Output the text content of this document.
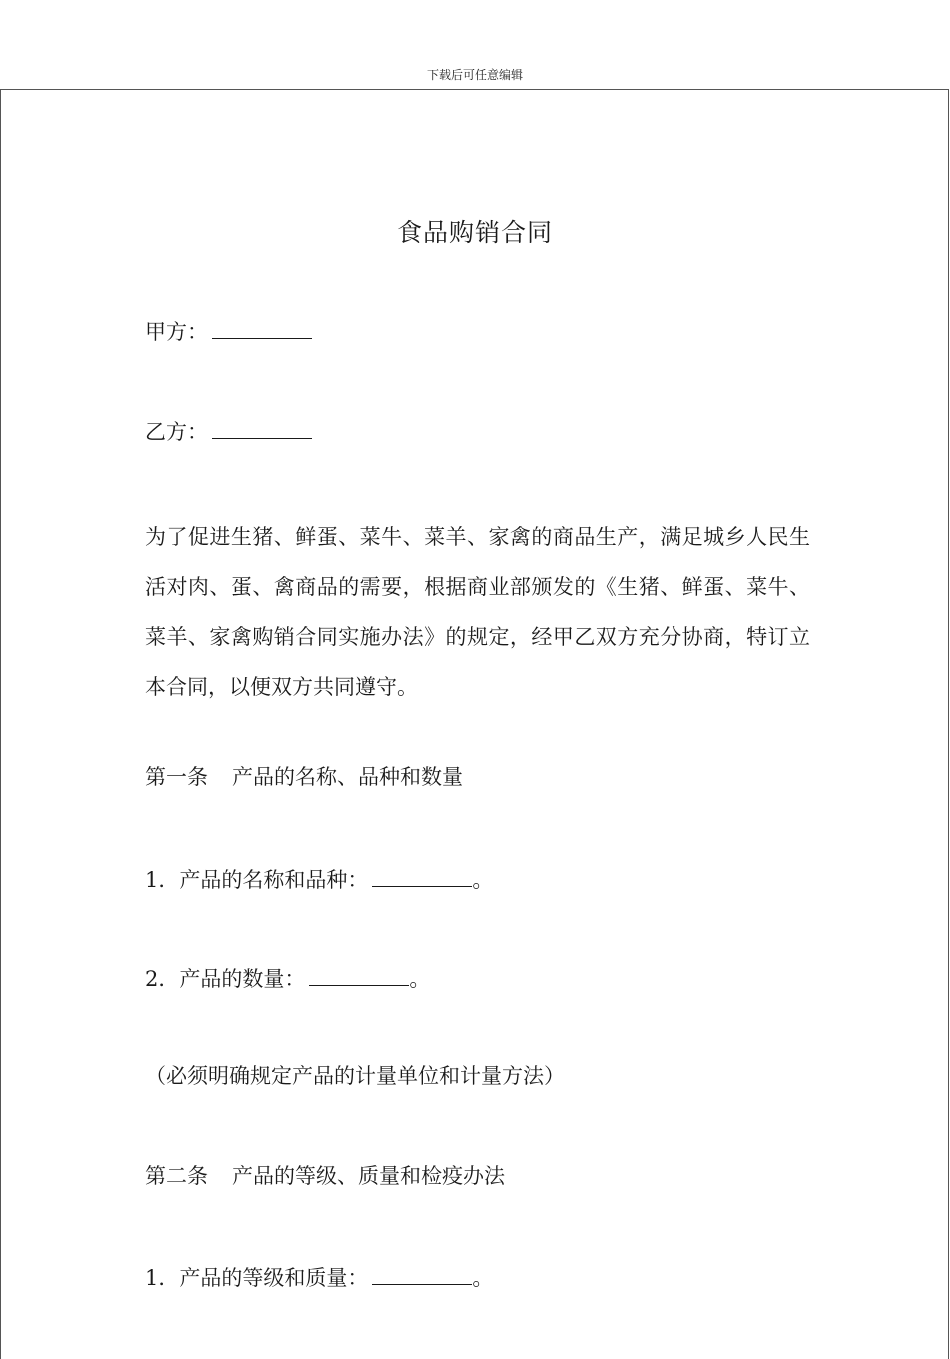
下载后可任意编辑
食品购销合同
甲方：
乙方：
为了促进生猪、鲜蛋、菜牛、菜羊、家禽的商品生产，满足城乡人民生活对肉、蛋、禽商品的需要，根据商业部颁发的《生猪、鲜蛋、菜牛、菜羊、家禽购销合同实施办法》的规定，经甲乙双方充分协商，特订立本合同，以便双方共同遵守。
第一条 产品的名称、品种和数量
1．产品的名称和品种：	。
2．产品的数量：	。
（必须明确规定产品的计量单位和计量方法）
第二条 产品的等级、质量和检疫办法
1．产品的等级和质量：	。
